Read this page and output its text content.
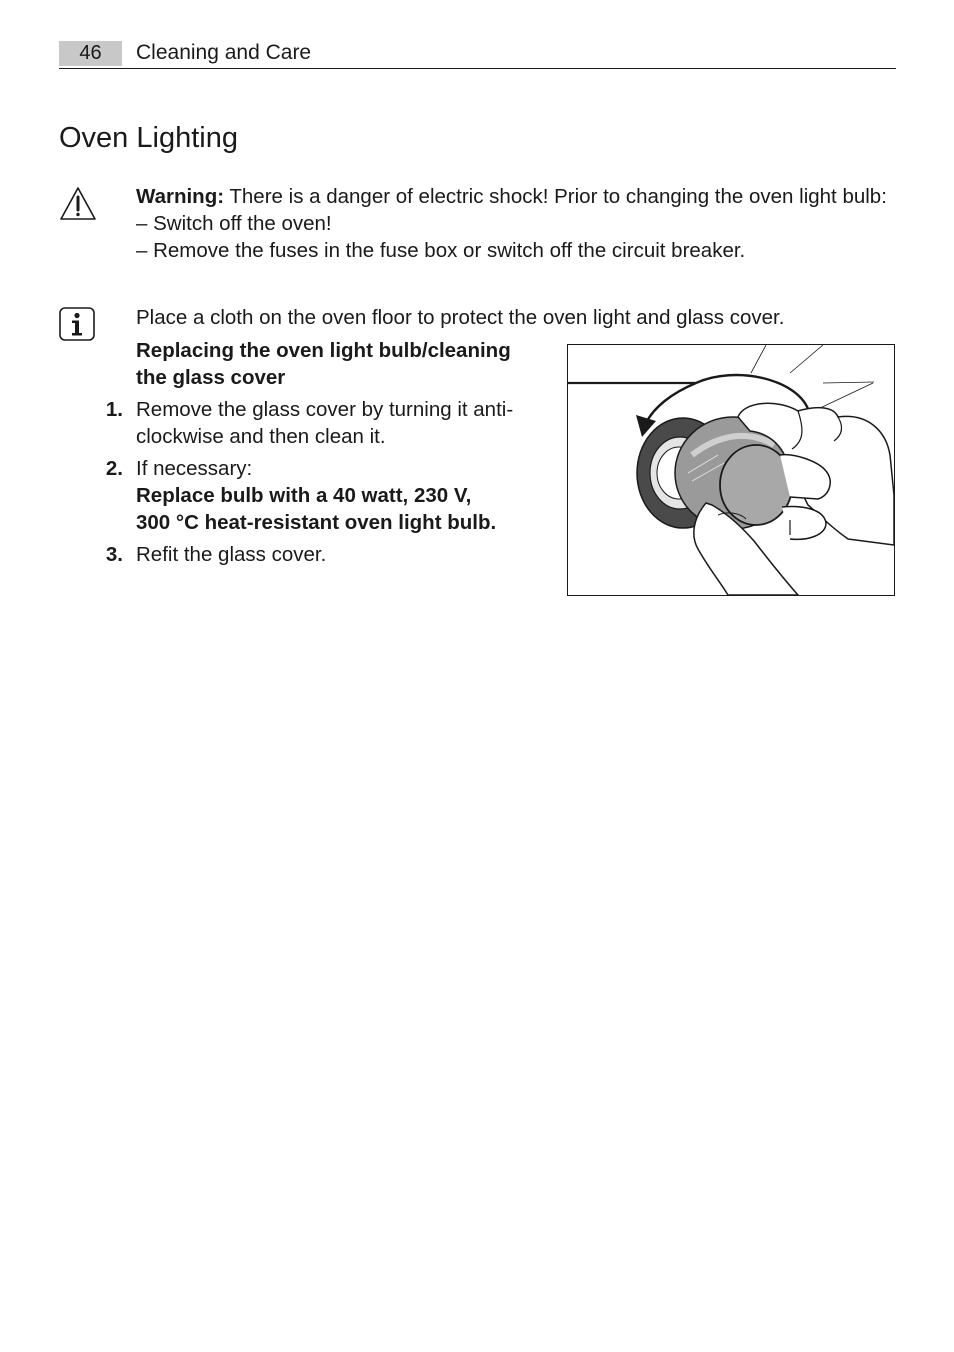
46	Cleaning and Care
Oven Lighting

Warning: There is a danger of electric shock! Prior to changing the oven light bulb:

– Switch off the oven!

– Remove the fuses in the fuse box or switch off the circuit breaker.

Place a cloth on the oven floor to protect the oven light and glass cover.
Replacing the oven light bulb/cleaning
the glass cover
1. Remove the glass cover by turning it anti-
clockwise and then clean it.
2. If necessary:
Replace bulb with a 40 watt, 230 V,
300 °C heat-resistant oven light bulb.
3. Refit the glass cover.
